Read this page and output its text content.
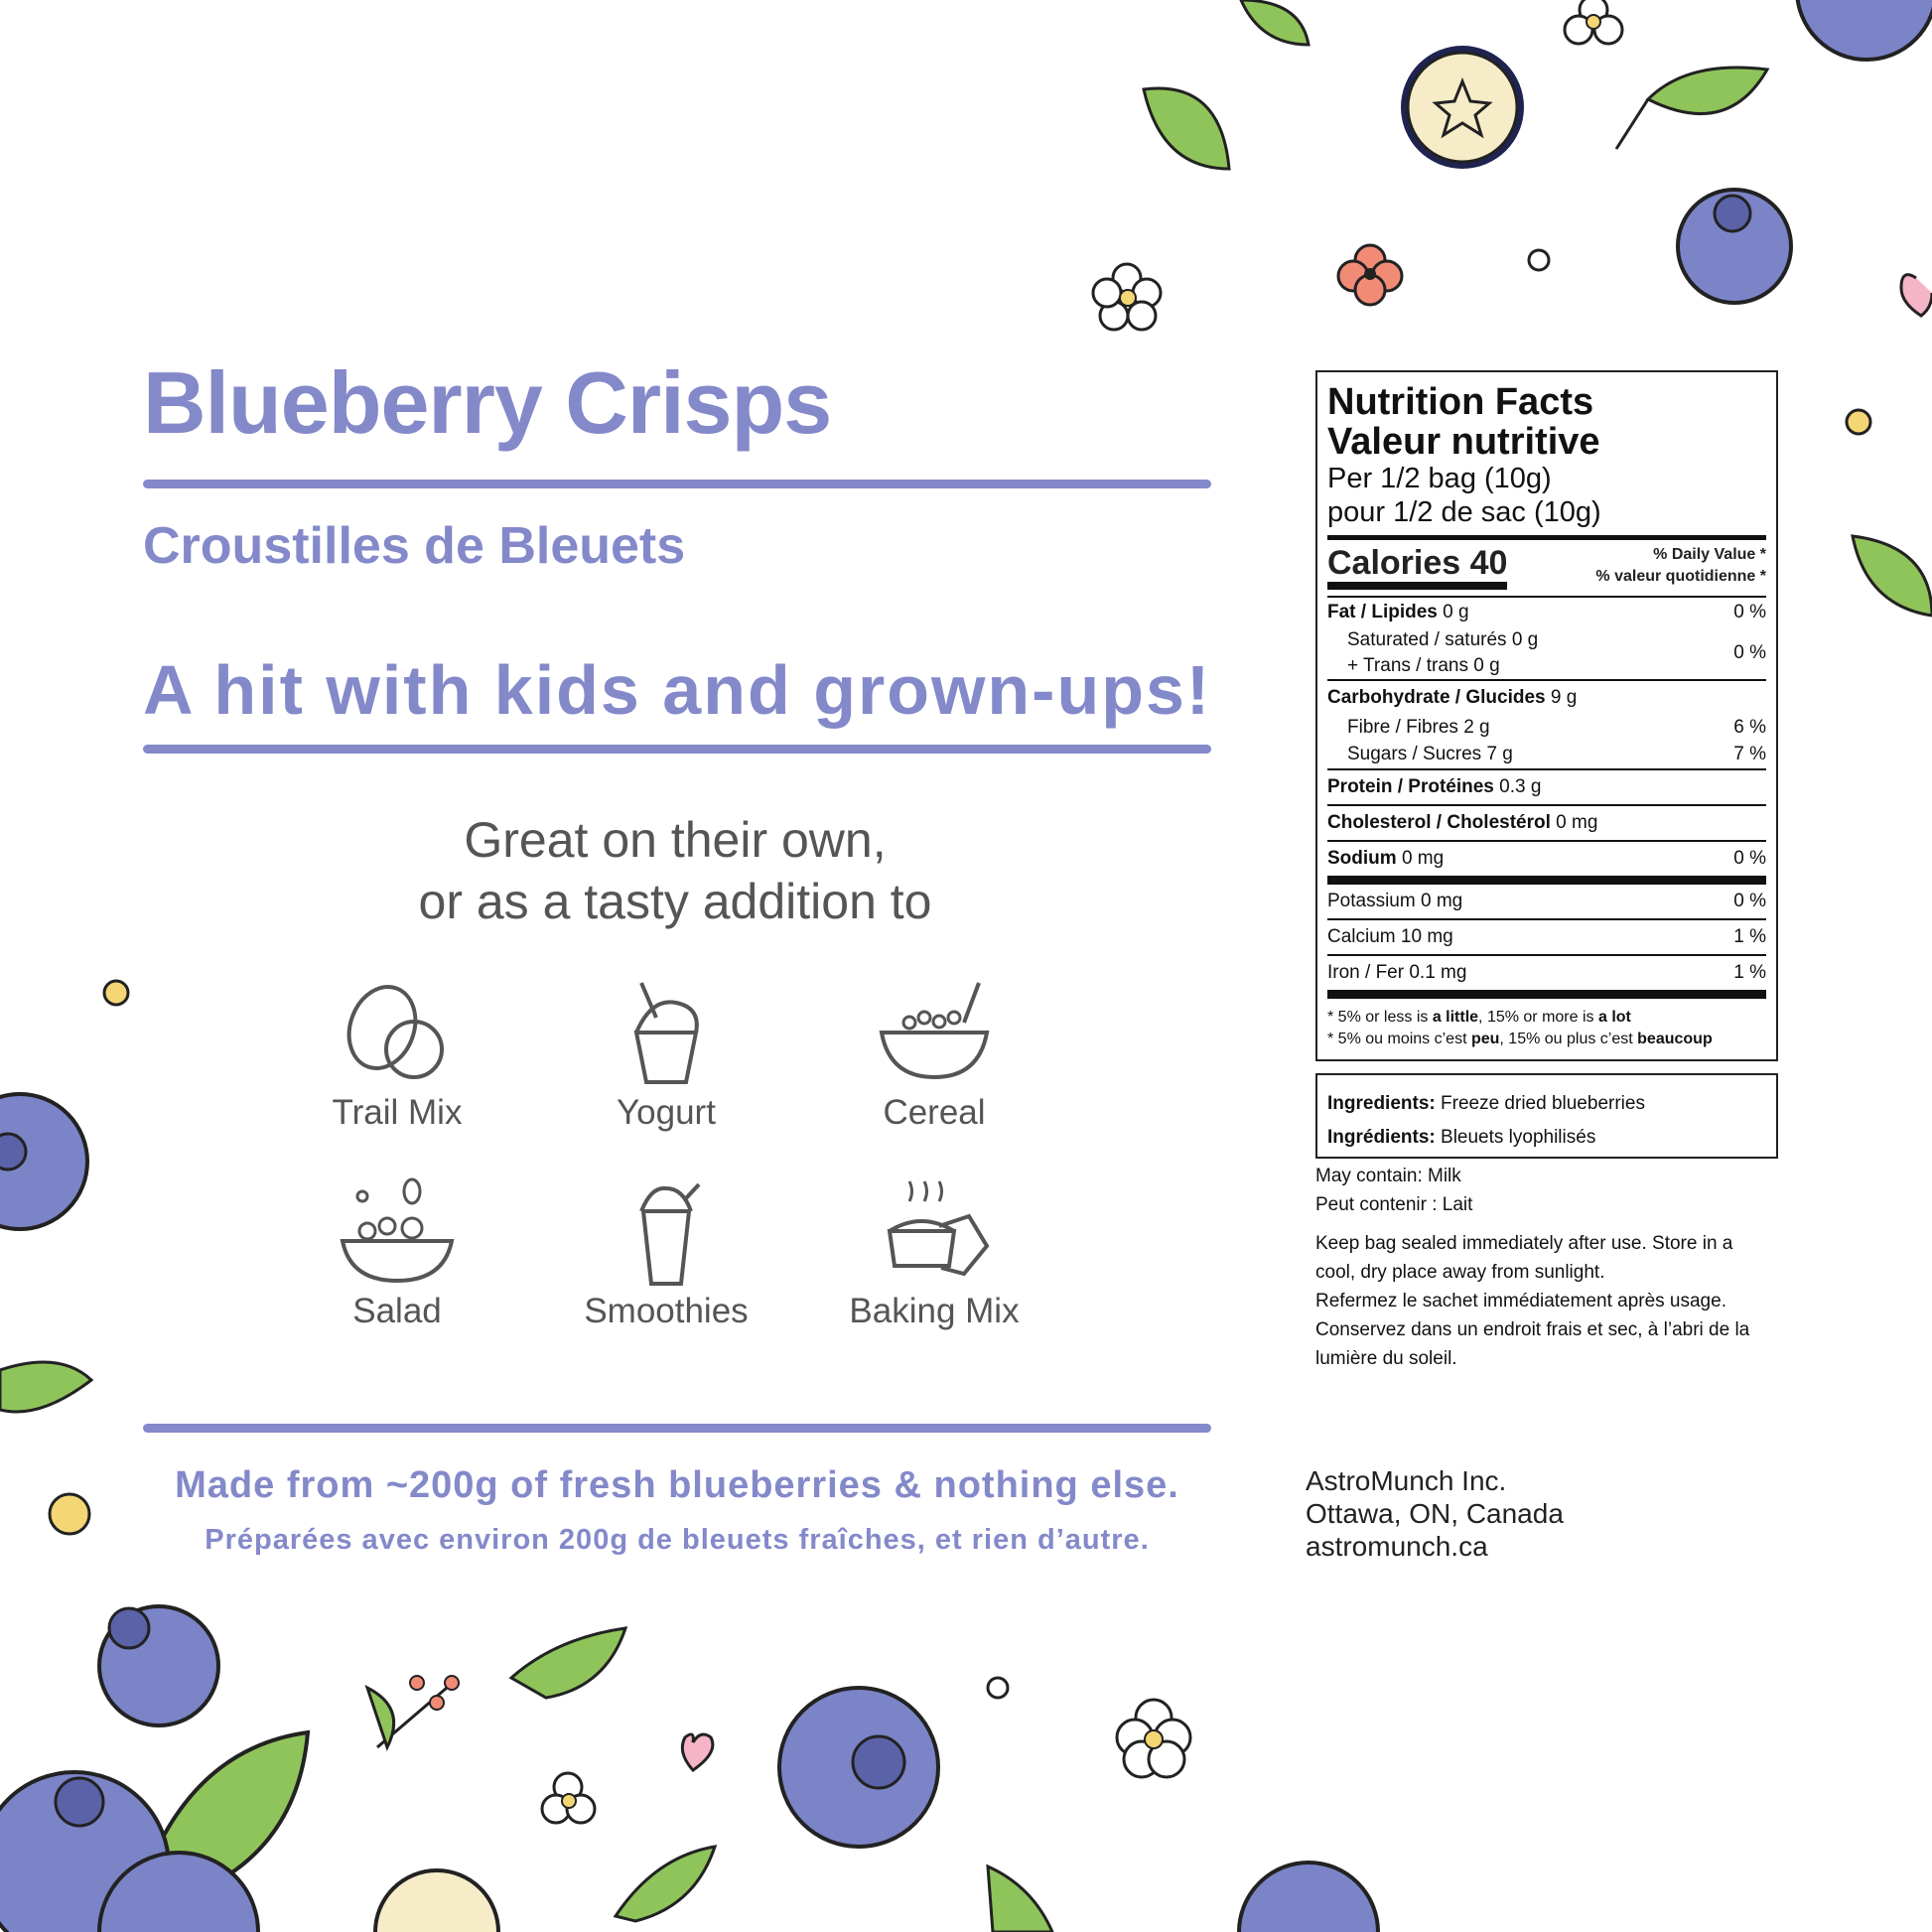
Blueberry Crisps
Croustilles de Bleuets
A hit with kids and grown-ups!
Great on their own,
or as a tasty addition to
Trail Mix	Yogurt	Cereal
Salad	Smoothies	Baking Mix
Made from ~200g of fresh blueberries & nothing else.
Préparées avec environ 200g de bleuets fraîches, et rien d’autre.
Nutrition Facts
Valeur nutritive
Per 1/2 bag (10g)
pour 1/2 de sac (10g)
Calories 40	% Daily Value *
% valeur quotidienne *
Fat / Lipides 0 g	0 %
Saturated / saturés 0 g
+ Trans / trans 0 g
0 %
Carbohydrate / Glucides 9 g
Fibre / Fibres 2 g	6 %
Sugars / Sucres 7 g	7 %
Protein / Protéines 0.3 g
Cholesterol / Cholestérol 0 mg
Sodium 0 mg	0 %
Potassium 0 mg	0 %
Calcium 10 mg	1 %
Iron / Fer 0.1 mg	1 %
* 5% or less is a little, 15% or more is a lot
* 5% ou moins c’est peu, 15% ou plus c’est beaucoup
Ingredients: Freeze dried blueberries
Ingrédients: Bleuets lyophilisés
May contain: Milk
Peut contenir : Lait
Keep bag sealed immediately after use. Store in a
cool, dry place away from sunlight.
Refermez le sachet immédiatement après usage.
Conservez dans un endroit frais et sec, à l’abri de la
lumière du soleil.
AstroMunch Inc.
Ottawa, ON, Canada
astromunch.ca
